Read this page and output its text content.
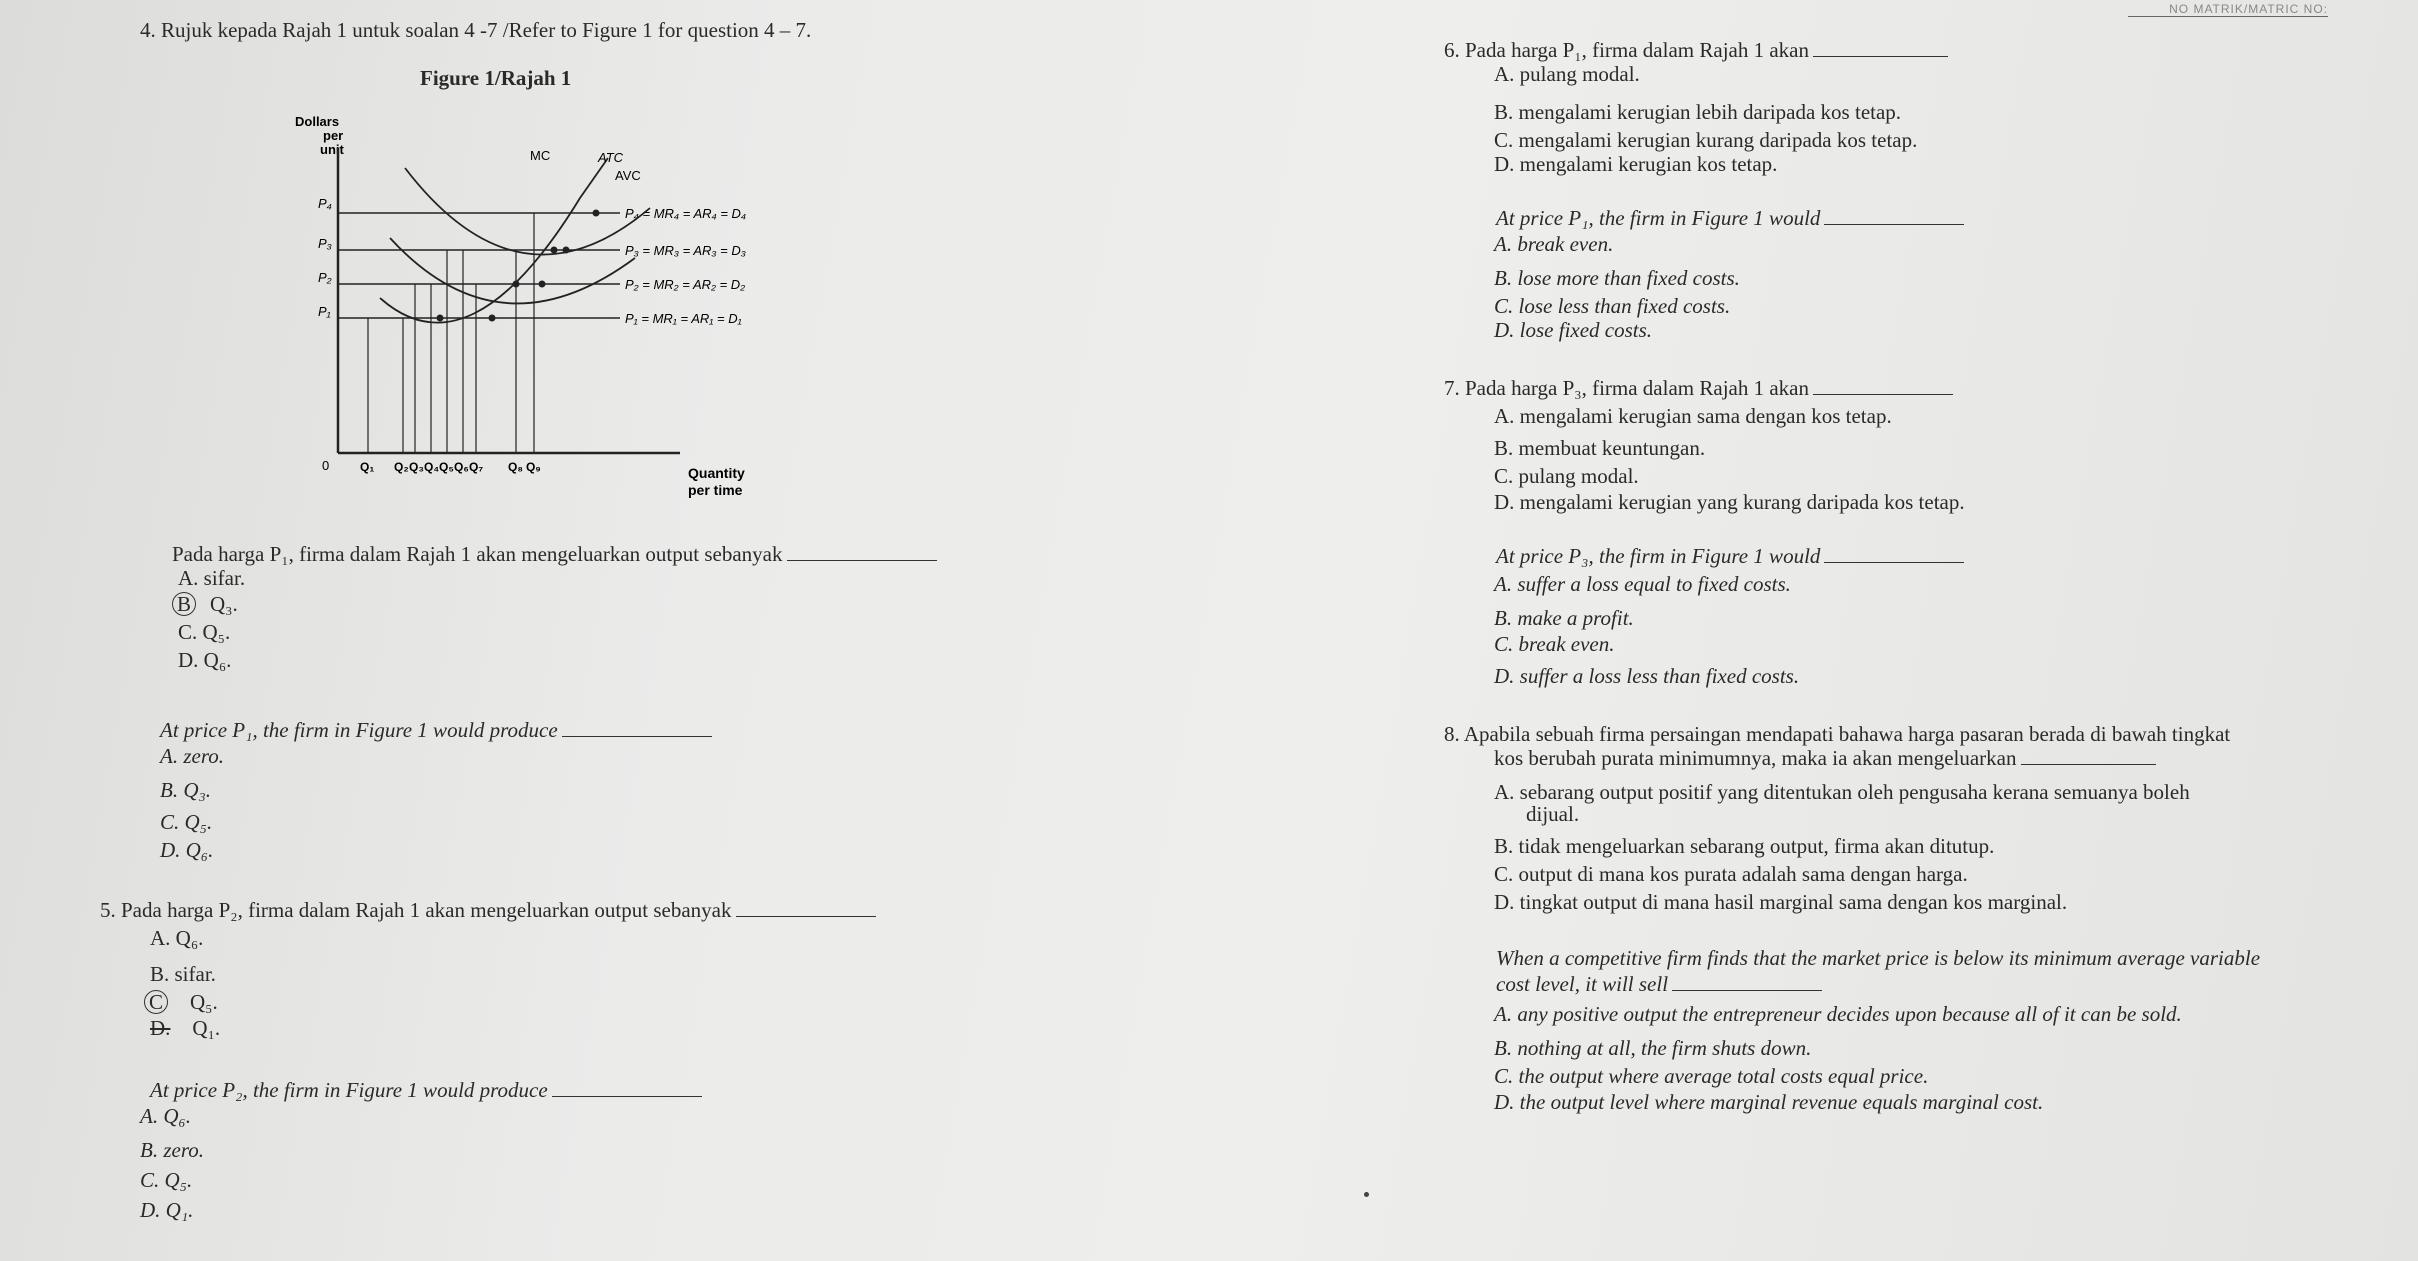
NO MATRIK/MATRIC NO:
4. Rujuk kepada Rajah 1 untuk soalan 4 -7 /Refer to Figure 1 for question 4 – 7.
Figure 1/Rajah 1
Dollars
per
unit
0
P₄
P₃
P₂
P₁
P₄ = MR₄ = AR₄ = D₄
P₃ = MR₃ = AR₃ = D₃
P₂ = MR₂ = AR₂ = D₂
P₁ = MR₁ = AR₁ = D₁
MC	ATC
AVC
Q₁ Q₂ Q₃ Q₄ Q₅ Q₆ Q₇ Q₈ Q₉	Quantity
per time
Pada harga P₁, firma dalam Rajah 1 akan mengeluarkan output sebanyak
A. sifar.
B Q₃.
C. Q₅.
D. Q₆.
At price P₁, the firm in Figure 1 would produce
A. zero.
B. Q₃.
C. Q₅.
D. Q₆.
5. Pada harga P₂, firma dalam Rajah 1 akan mengeluarkan output sebanyak
A. Q₆.
B. sifar.
C Q₅.
D. Q₁.
At price P₂, the firm in Figure 1 would produce
A. Q₆.
B. zero.
C. Q₅.
D. Q₁.
6. Pada harga P₁, firma dalam Rajah 1 akan
A. pulang modal.
B. mengalami kerugian lebih daripada kos tetap.
C. mengalami kerugian kurang daripada kos tetap.
D. mengalami kerugian kos tetap.
At price P₁, the firm in Figure 1 would
A. break even.
B. lose more than fixed costs.
C. lose less than fixed costs.
D. lose fixed costs.
7. Pada harga P₃, firma dalam Rajah 1 akan
A. mengalami kerugian sama dengan kos tetap.
B. membuat keuntungan.
C. pulang modal.
D. mengalami kerugian yang kurang daripada kos tetap.
At price P₃, the firm in Figure 1 would
A. suffer a loss equal to fixed costs.
B. make a profit.
C. break even.
D. suffer a loss less than fixed costs.
8. Apabila sebuah firma persaingan mendapati bahawa harga pasaran berada di bawah tingkat
kos berubah purata minimumnya, maka ia akan mengeluarkan
A. sebarang output positif yang ditentukan oleh pengusaha kerana semuanya boleh
dijual.
B. tidak mengeluarkan sebarang output, firma akan ditutup.
C. output di mana kos purata adalah sama dengan harga.
D. tingkat output di mana hasil marginal sama dengan kos marginal.
When a competitive firm finds that the market price is below its minimum average variable
cost level, it will sell
A. any positive output the entrepreneur decides upon because all of it can be sold.
B. nothing at all, the firm shuts down.
C. the output where average total costs equal price.
D. the output level where marginal revenue equals marginal cost.
